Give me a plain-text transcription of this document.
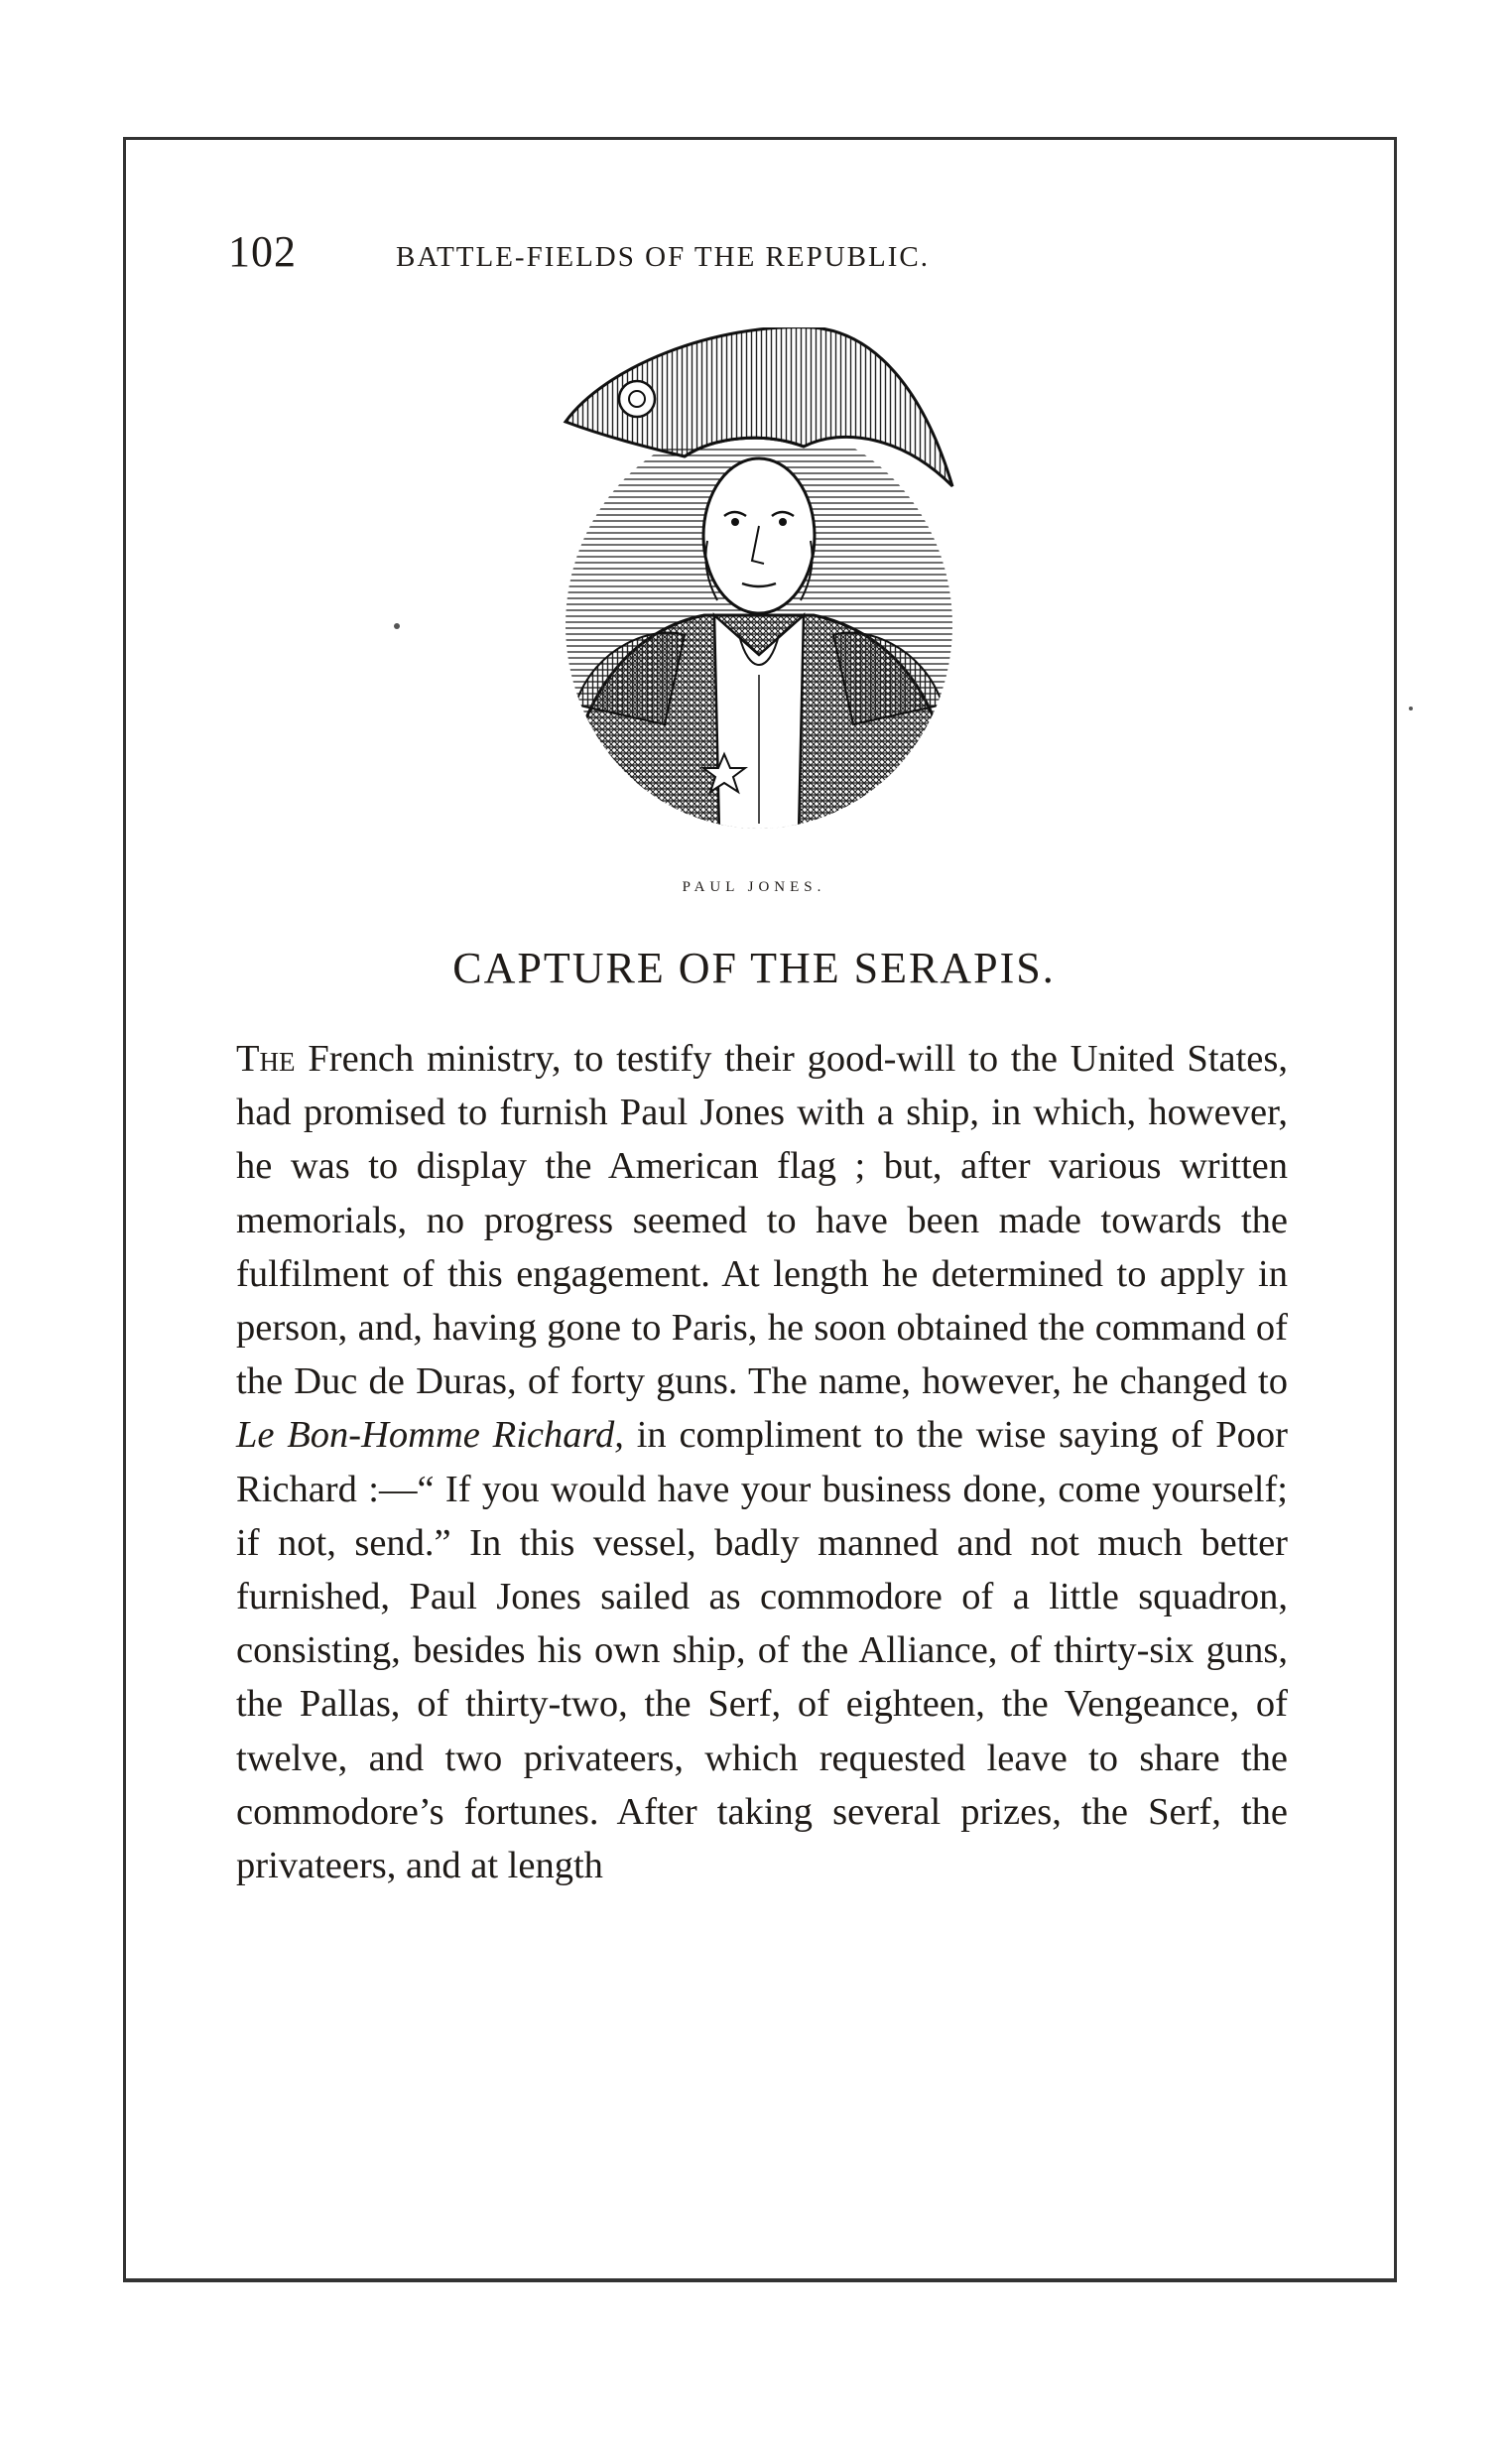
102	BATTLE-FIELDS OF THE REPUBLIC.
PAUL JONES.
CAPTURE OF THE SERAPIS.
The French ministry, to testify their good-will to the United States, had promised to furnish Paul Jones with a ship, in which, however, he was to display the American flag ; but, after various written memorials, no progress seemed to have been made towards the fulfilment of this engagement. At length he determined to apply in person, and, having gone to Paris, he soon obtained the command of the Duc de Duras, of forty guns. The name, however, he changed to Le Bon-Homme Richard, in compliment to the wise saying of Poor Richard :—“ If you would have your business done, come yourself; if not, send.” In this vessel, badly manned and not much better furnished, Paul Jones sailed as commodore of a little squadron, consisting, besides his own ship, of the Alliance, of thirty-six guns, the Pallas, of thirty-two, the Serf, of eighteen, the Vengeance, of twelve, and two privateers, which requested leave to share the commodore’s fortunes. After taking several prizes, the Serf, the privateers, and at length
